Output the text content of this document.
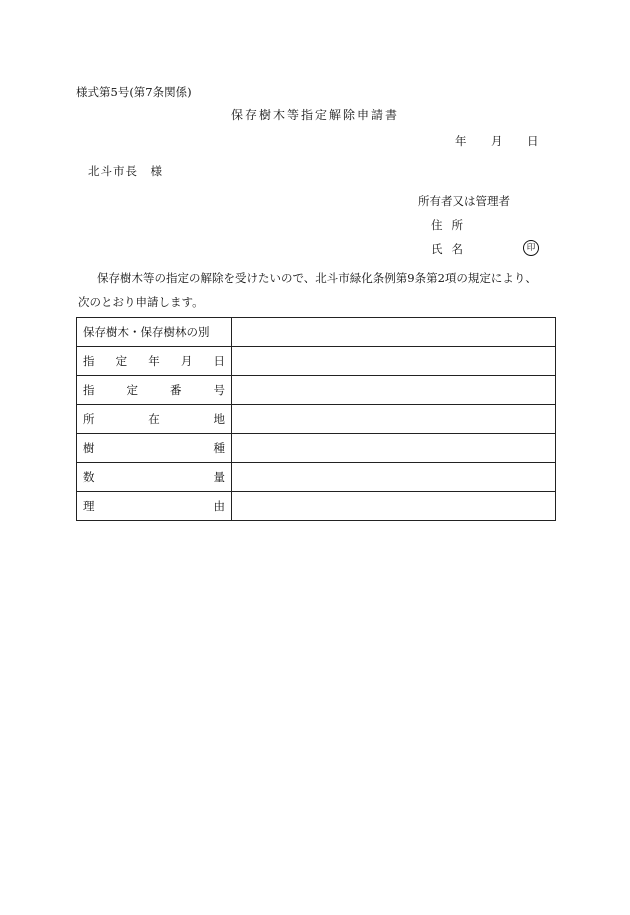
様式第5号(第7条関係)
保存樹木等指定解除申請書
年 月 日
北斗市長　様
所有者又は管理者
住所
氏名	印
保存樹木等の指定の解除を受けたいので、北斗市緑化条例第9条第2項の規定により、
次のとおり申請します。
保存樹木・保存樹林の別	

指 定 年 月 日	

指 定 番 号	

所 在 地	

樹 種	

数 量	

理 由	
